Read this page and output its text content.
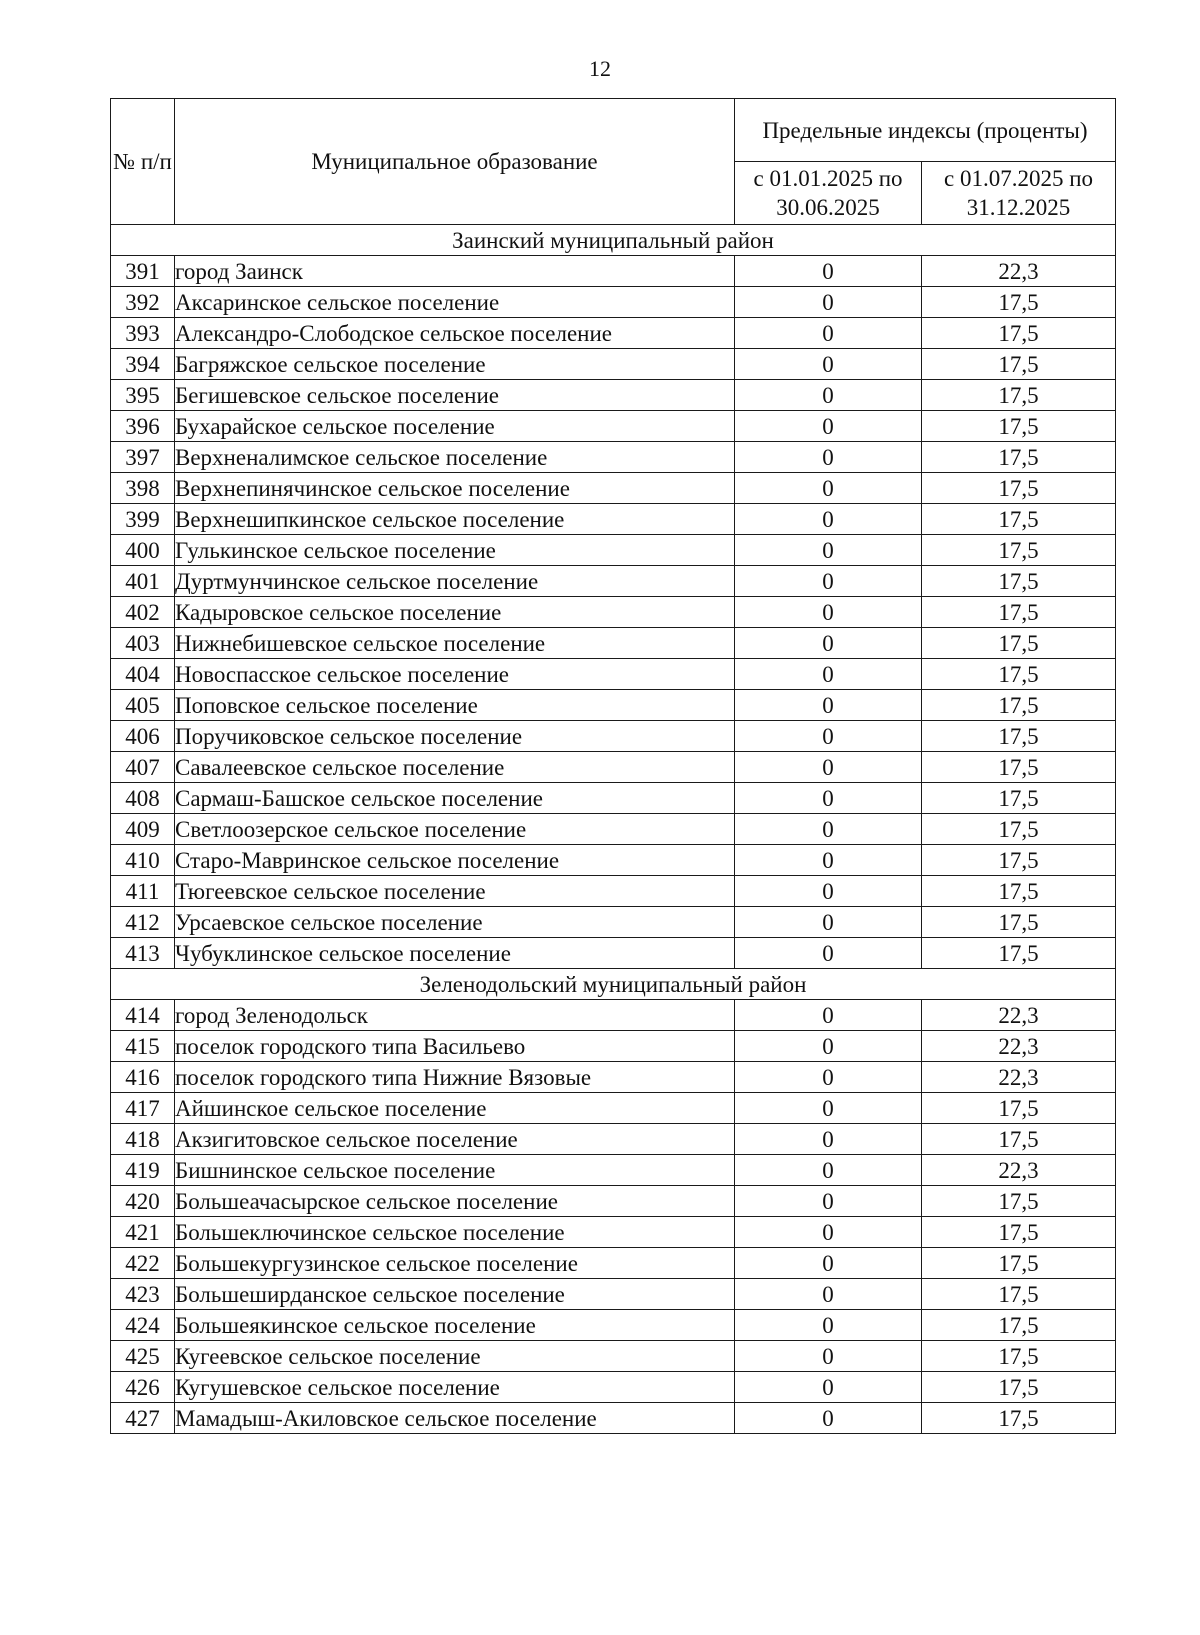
12
№ п/п	Муниципальное образование	Предельные индексы (проценты)	
		с 01.01.2025 по 30.06.2025	с 01.07.2025 по 31.12.2025
Заинский муниципальный район			
391	город Заинск	0	22,3
392	Аксаринское сельское поселение	0	17,5
393	Александро-Слободское сельское поселение	0	17,5
394	Багряжское сельское поселение	0	17,5
395	Бегишевское сельское поселение	0	17,5
396	Бухарайское сельское поселение	0	17,5
397	Верхненалимское сельское поселение	0	17,5
398	Верхнепинячинское сельское поселение	0	17,5
399	Верхнешипкинское сельское поселение	0	17,5
400	Гулькинское сельское поселение	0	17,5
401	Дуртмунчинское сельское поселение	0	17,5
402	Кадыровское сельское поселение	0	17,5
403	Нижнебишевское сельское поселение	0	17,5
404	Новоспасское сельское поселение	0	17,5
405	Поповское сельское поселение	0	17,5
406	Поручиковское сельское поселение	0	17,5
407	Савалеевское сельское поселение	0	17,5
408	Сармаш-Башское сельское поселение	0	17,5
409	Светлоозерское сельское поселение	0	17,5
410	Старо-Мавринское сельское поселение	0	17,5
411	Тюгеевское сельское поселение	0	17,5
412	Урсаевское сельское поселение	0	17,5
413	Чубуклинское сельское поселение	0	17,5
Зеленодольский муниципальный район			
414	город Зеленодольск	0	22,3
415	поселок городского типа Васильево	0	22,3
416	поселок городского типа Нижние Вязовые	0	22,3
417	Айшинское сельское поселение	0	17,5
418	Акзигитовское сельское поселение	0	17,5
419	Бишнинское сельское поселение	0	22,3
420	Большеачасырское сельское поселение	0	17,5
421	Большеключинское сельское поселение	0	17,5
422	Большекургузинское сельское поселение	0	17,5
423	Большеширданское сельское поселение	0	17,5
424	Большеякинское сельское поселение	0	17,5
425	Кугеевское сельское поселение	0	17,5
426	Кугушевское сельское поселение	0	17,5
427	Мамадыш-Акиловское сельское поселение	0	17,5
